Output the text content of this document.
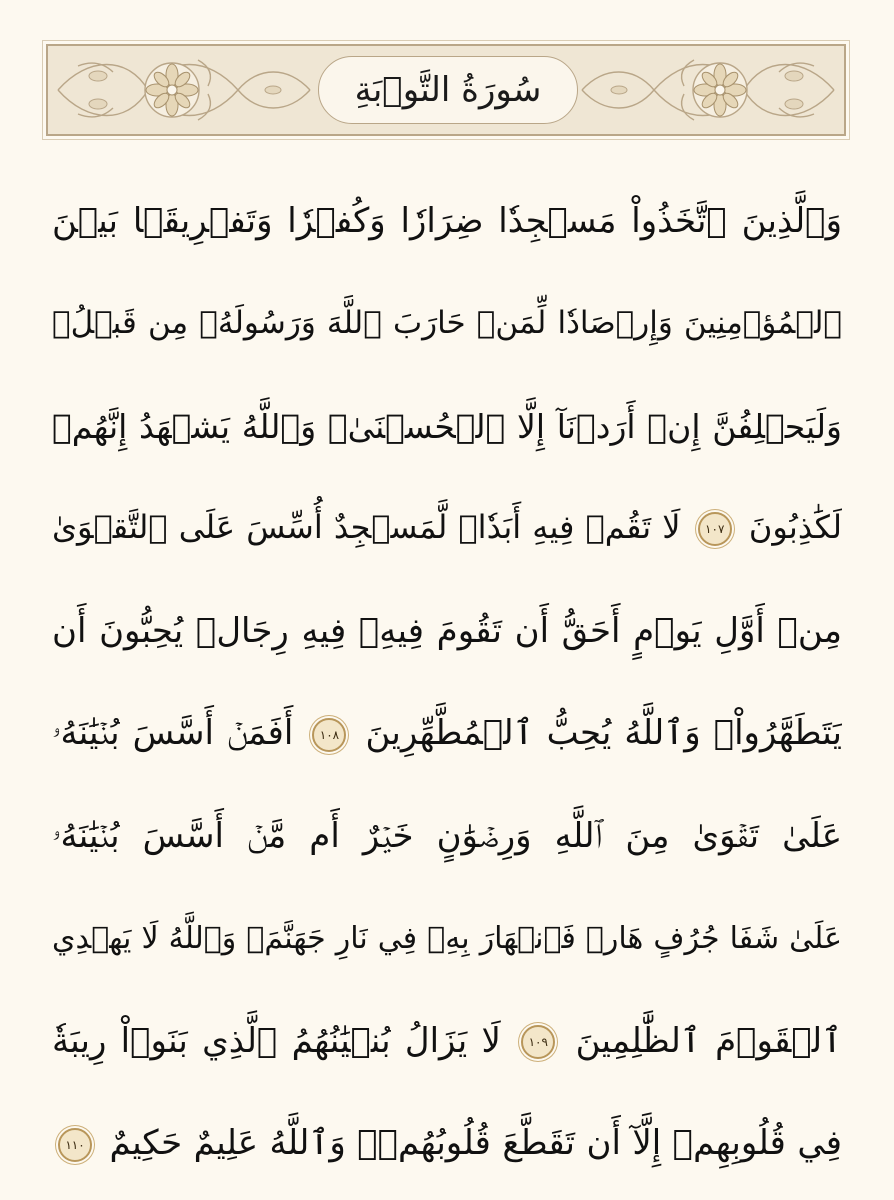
سُورَةُ التَّوۡبَةِ
وَٱلَّذِينَ ٱتَّخَذُواْ مَسۡجِدٗا ضِرَارٗا وَكُفۡرٗا وَتَفۡرِيقَۢا بَيۡنَ
ٱلۡمُؤۡمِنِينَ وَإِرۡصَادٗا لِّمَنۡ حَارَبَ ٱللَّهَ وَرَسُولَهُۥ مِن قَبۡلُۚ
وَلَيَحۡلِفُنَّ إِنۡ أَرَدۡنَآ إِلَّا ٱلۡحُسۡنَىٰۖ وَٱللَّهُ يَشۡهَدُ إِنَّهُمۡ
لَكَٰذِبُونَ ١٠٧ لَا تَقُمۡ فِيهِ أَبَدٗاۚ لَّمَسۡجِدٌ أُسِّسَ عَلَى ٱلتَّقۡوَىٰ
مِنۡ أَوَّلِ يَوۡمٍ أَحَقُّ أَن تَقُومَ فِيهِۚ فِيهِ رِجَالٞ يُحِبُّونَ أَن
يَتَطَهَّرُواْۚ وَٱللَّهُ يُحِبُّ ٱلۡمُطَّهِّرِينَ ١٠٨ أَفَمَنۡ أَسَّسَ بُنۡيَٰنَهُۥ
عَلَىٰ تَقۡوَىٰ مِنَ ٱللَّهِ وَرِضۡوَٰنٍ خَيۡرٌ أَم مَّنۡ أَسَّسَ بُنۡيَٰنَهُۥ
عَلَىٰ شَفَا جُرُفٍ هَارٖ فَٱنۡهَارَ بِهِۦ فِي نَارِ جَهَنَّمَۗ وَٱللَّهُ لَا يَهۡدِي
ٱلۡقَوۡمَ ٱلظَّٰلِمِينَ ١٠٩ لَا يَزَالُ بُنۡيَٰنُهُمُ ٱلَّذِي بَنَوۡاْ رِيبَةٗ
فِي قُلُوبِهِمۡ إِلَّآ أَن تَقَطَّعَ قُلُوبُهُمۡۗ وَٱللَّهُ عَلِيمٌ حَكِيمٌ ١١٠
